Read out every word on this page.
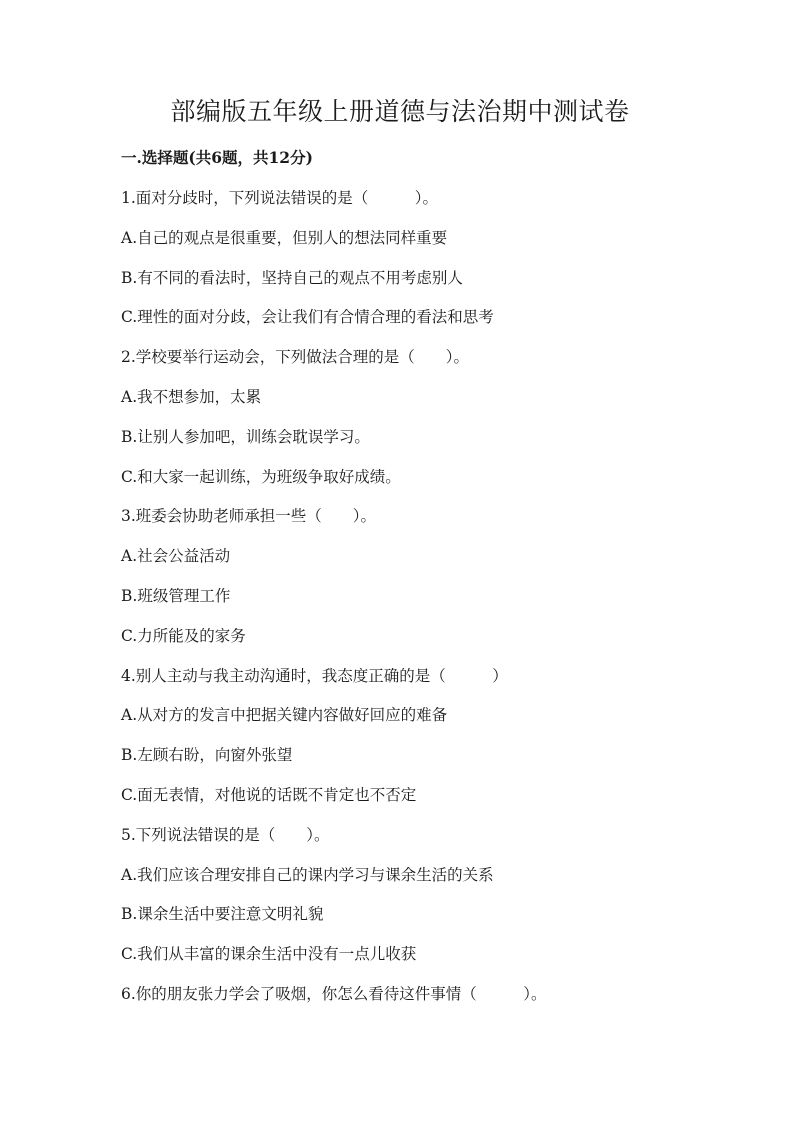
部编版五年级上册道德与法治期中测试卷
一.选择题(共6题，共12分)
1.面对分歧时，下列说法错误的是（　　　）。
A.自己的观点是很重要，但别人的想法同样重要
B.有不同的看法时，坚持自己的观点不用考虑别人
C.理性的面对分歧，会让我们有合情合理的看法和思考
2.学校要举行运动会，下列做法合理的是（　　）。
A.我不想参加，太累
B.让别人参加吧，训练会耽误学习。
C.和大家一起训练，为班级争取好成绩。
3.班委会协助老师承担一些（　　）。
A.社会公益活动
B.班级管理工作
C.力所能及的家务
4.别人主动与我主动沟通时，我态度正确的是（　　　）
A.从对方的发言中把据关键内容做好回应的难备
B.左顾右盼，向窗外张望
C.面无表情，对他说的话既不肯定也不否定
5.下列说法错误的是（　　）。
A.我们应该合理安排自己的课内学习与课余生活的关系
B.课余生活中要注意文明礼貌
C.我们从丰富的课余生活中没有一点儿收获
6.你的朋友张力学会了吸烟，你怎么看待这件事情（　　　）。
